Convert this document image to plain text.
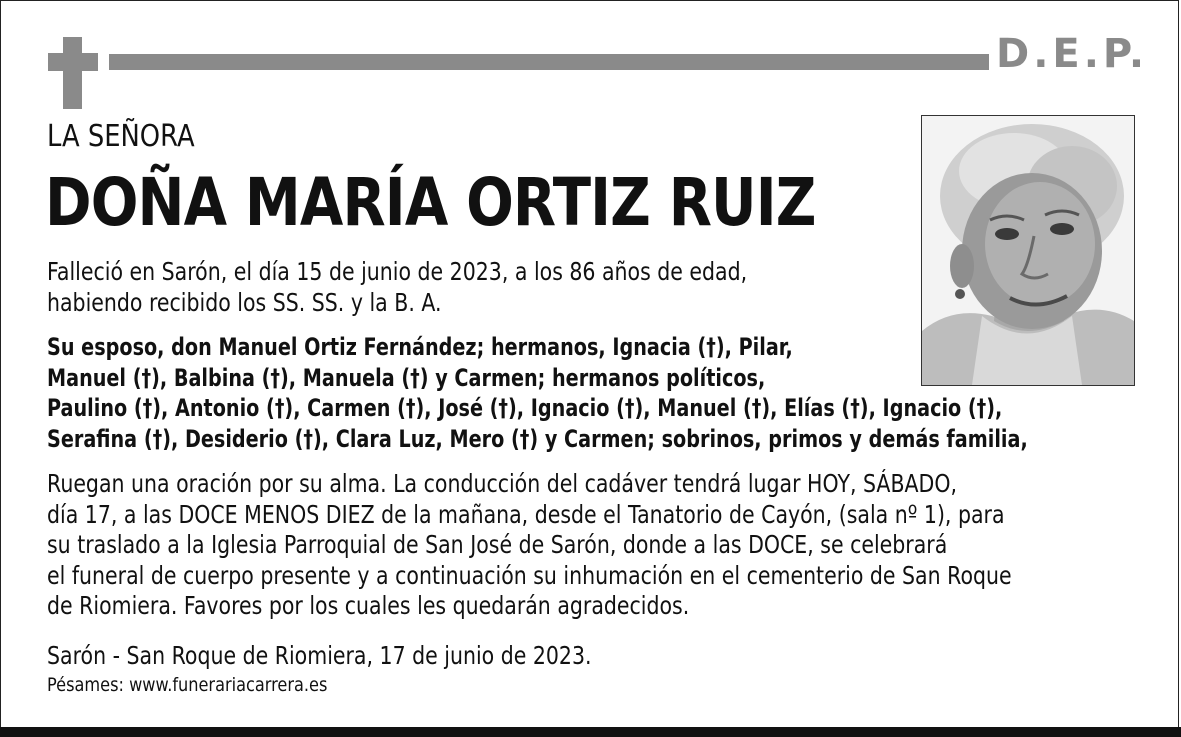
D.E.P.
LA SEÑORA
DOÑA MARÍA ORTIZ RUIZ
Falleció en Sarón, el día 15 de junio de 2023, a los 86 años de edad,
habiendo recibido los SS. SS. y la B. A.
Su esposo, don Manuel Ortiz Fernández; hermanos, Ignacia (†), Pilar,
Manuel (†), Balbina (†), Manuela (†) y Carmen; hermanos políticos,
Paulino (†), Antonio (†), Carmen (†), José (†), Ignacio (†), Manuel (†), Elías (†), Ignacio (†),
Serafina (†), Desiderio (†), Clara Luz, Mero (†) y Carmen; sobrinos, primos y demás familia,
Ruegan una oración por su alma. La conducción del cadáver tendrá lugar HOY, SÁBADO,
día 17, a las DOCE MENOS DIEZ de la mañana, desde el Tanatorio de Cayón, (sala nº 1), para
su traslado a la Iglesia Parroquial de San José de Sarón, donde a las DOCE, se celebrará
el funeral de cuerpo presente y a continuación su inhumación en el cementerio de San Roque
de Riomiera. Favores por los cuales les quedarán agradecidos.
Sarón - San Roque de Riomiera, 17 de junio de 2023.
Pésames: www.funerariacarrera.es
